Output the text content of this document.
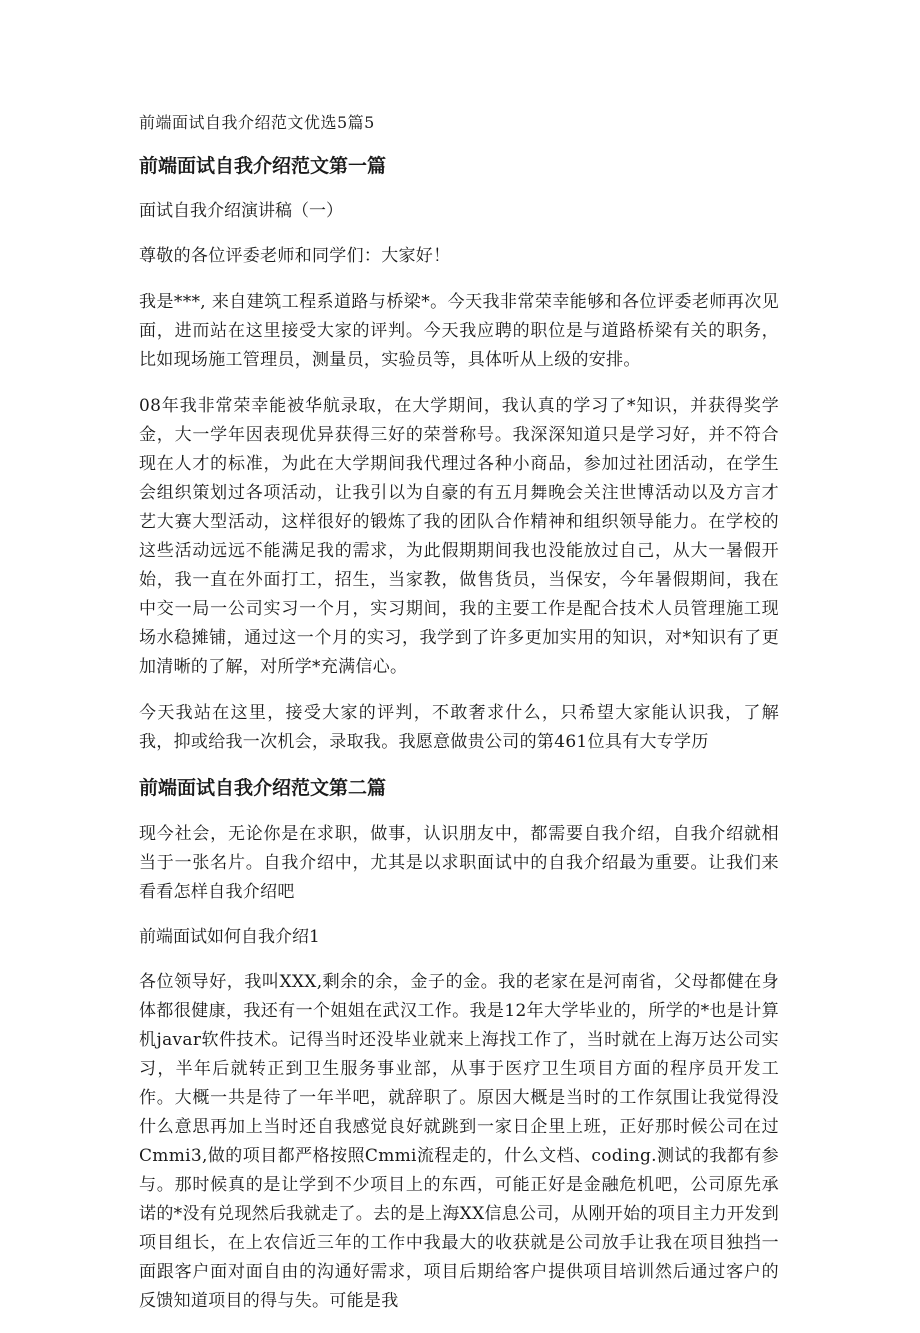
前端面试自我介绍范文优选5篇5
前端面试自我介绍范文第一篇
面试自我介绍演讲稿（一）

尊敬的各位评委老师和同学们：大家好！

我是***, 来自建筑工程系道路与桥梁*。今天我非常荣幸能够和各位评委老师再次见面，进而站在这里接受大家的评判。今天我应聘的职位是与道路桥梁有关的职务，比如现场施工管理员，测量员，实验员等，具体听从上级的安排。

08年我非常荣幸能被华航录取，在大学期间，我认真的学习了*知识，并获得奖学金，大一学年因表现优异获得三好的荣誉称号。我深深知道只是学习好，并不符合现在人才的标准，为此在大学期间我代理过各种小商品，参加过社团活动，在学生会组织策划过各项活动，让我引以为自豪的有五月舞晚会关注世博活动以及方言才艺大赛大型活动，这样很好的锻炼了我的团队合作精神和组织领导能力。在学校的这些活动远远不能满足我的需求，为此假期期间我也没能放过自己，从大一暑假开始，我一直在外面打工，招生，当家教，做售货员，当保安，今年暑假期间，我在中交一局一公司实习一个月，实习期间，我的主要工作是配合技术人员管理施工现场水稳摊铺，通过这一个月的实习，我学到了许多更加实用的知识，对*知识有了更加清晰的了解，对所学*充满信心。

今天我站在这里，接受大家的评判，不敢奢求什么，只希望大家能认识我，了解我，抑或给我一次机会，录取我。我愿意做贵公司的第461位具有大专学历

前端面试自我介绍范文第二篇

现今社会，无论你是在求职，做事，认识朋友中，都需要自我介绍，自我介绍就相当于一张名片。自我介绍中，尤其是以求职面试中的自我介绍最为重要。让我们来看看怎样自我介绍吧

前端面试如何自我介绍1

各位领导好，我叫XXX,剩余的余，金子的金。我的老家在是河南省，父母都健在身体都很健康，我还有一个姐姐在武汉工作。我是12年大学毕业的，所学的*也是计算机javar软件技术。记得当时还没毕业就来上海找工作了，当时就在上海万达公司实习，半年后就转正到卫生服务事业部，从事于医疗卫生项目方面的程序员开发工作。大概一共是待了一年半吧，就辞职了。原因大概是当时的工作氛围让我觉得没什么意思再加上当时还自我感觉良好就跳到一家日企里上班，正好那时候公司在过Cmmi3,做的项目都严格按照Cmmi流程走的，什么文档、coding.测试的我都有参与。那时候真的是让学到不少项目上的东西，可能正好是金融危机吧，公司原先承诺的*没有兑现然后我就走了。去的是上海XX信息公司，从刚开始的项目主力开发到项目组长，在上农信近三年的工作中我最大的收获就是公司放手让我在项目独挡一面跟客户面对面自由的沟通好需求，项目后期给客户提供项目培训然后通过客户的反馈知道项目的得与失。可能是我
